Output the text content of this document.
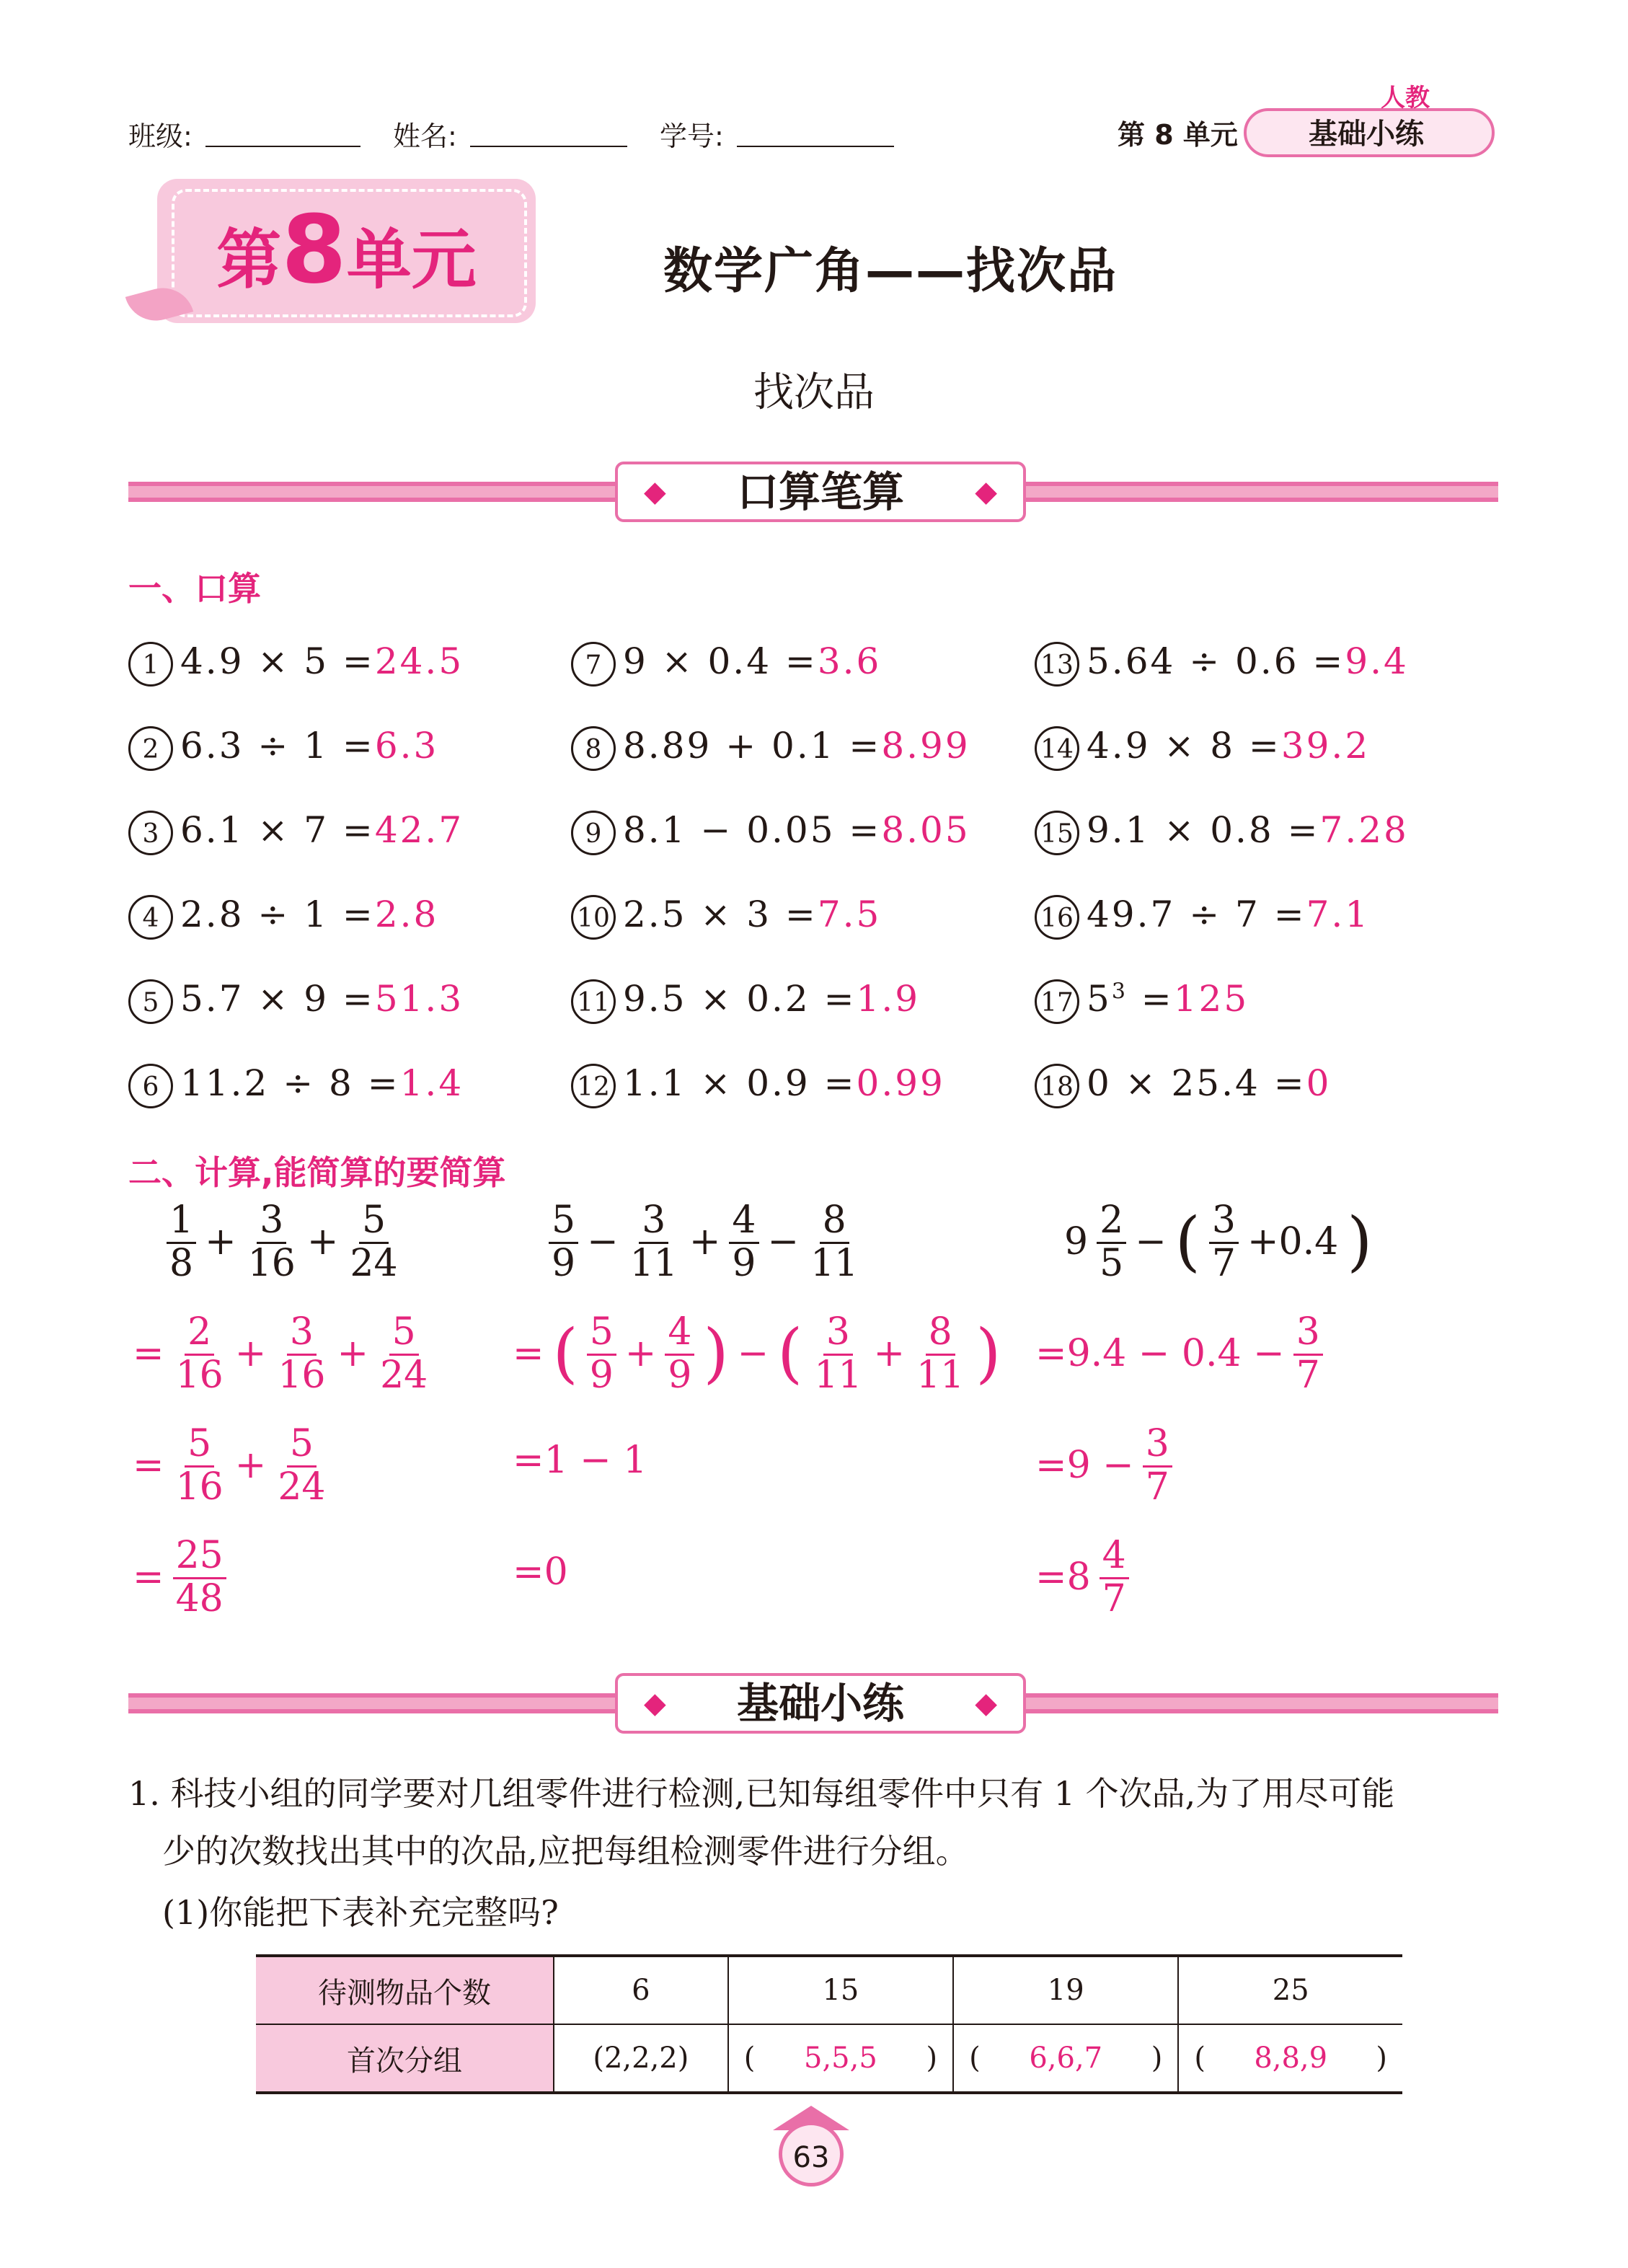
班级:	姓名:	学号:	第 8 单元	基础小练
人教
第8单元	数学广角——找次品
找次品
◆ 口算笔算 ◆
一、口算
1 4.9 × 5 =24.5
2 6.3 ÷ 1 =6.3
3 6.1 × 7 =42.7
4 2.8 ÷ 1 =2.8
5 5.7 × 9 =51.3
6 11.2 ÷ 8 =1.4
7 9 × 0.4 =3.6
8 8.89 + 0.1 =8.99
9 8.1 − 0.05 =8.05
10 2.5 × 3 =7.5
11 9.5 × 0.2 =1.9
12 1.1 × 0.9 =0.99
13 5.64 ÷ 0.6 =9.4
14 4.9 × 8 =39.2
15 9.1 × 0.8 =7.28
16 49.7 ÷ 7 =7.1
17 $5^3 =125$
18 0 × 25.4 =0
二、计算,能简算的要简算
$\frac{1}{8} + \frac{3}{16} + \frac{5}{24}$
= $\frac{2}{16} + \frac{3}{16} + \frac{5}{24}$
= $\frac{5}{16} + \frac{5}{24}$
= $\frac{25}{48}$
$\frac{5}{9} - \frac{3}{11} + \frac{4}{9} - \frac{8}{11}$
= ( $\frac{5}{9} + \frac{4}{9}$ ) − ( $\frac{3}{11} + \frac{8}{11}$ )
=1 − 1
=0
$9 \frac{2}{5}$ − ( $\frac{3}{7} +0.4$ )
$=9.4 - 0.4 - \frac{3}{7}$
$=9 - \frac{3}{7}$
$=8 \frac{4}{7}$
◆ 基础小练 ◆
1. 科技小组的同学要对几组零件进行检测,已知每组零件中只有 1 个次品,为了用尽可能
少的次数找出其中的次品,应把每组检测零件进行分组。
(1)你能把下表补充完整吗?
待测物品个数	6	15	19	25
首次分组	(2,2,2)	( 5,5,5 )	( 6,6,7 )	( 8,8,9 )
63
